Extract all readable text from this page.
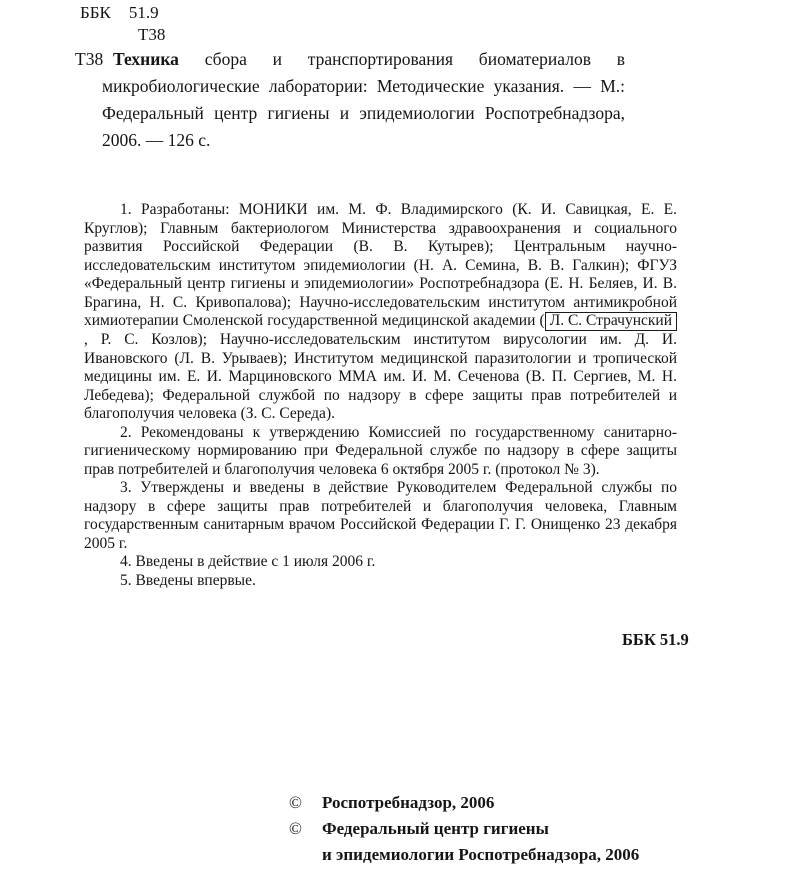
ББК 51.9
Т38
Т38 Техника сбора и транспортирования биоматериалов в микробиологические лаборатории: Методические указания. — М.: Федеральный центр гигиены и эпидемиологии Роспотребнадзора, 2006. — 126 с.

1. Разработаны: МОНИКИ им. М. Ф. Владимирского (К. И. Савицкая, Е. Е. Круглов); Главным бактериологом Министерства здравоохранения и социального развития Российской Федерации (В. В. Кутырев); Центральным научно-исследовательским институтом эпидемиологии (Н. А. Семина, В. В. Галкин); ФГУЗ «Федеральный центр гигиены и эпидемиологии» Роспотребнадзора (Е. Н. Беляев, И. В. Брагина, Н. С. Кривопалова); Научно-исследовательским институтом антимикробной химиотерапии Смоленской государственной медицинской академии ( Л. С. Страчунский, Р. С. Козлов); Научно-исследовательским институтом вирусологии им. Д. И. Ивановского (Л. В. Урываев); Институтом медицинской паразитологии и тропической медицины им. Е. И. Марциновского ММА им. И. М. Сеченова (В. П. Сергиев, М. Н. Лебедева); Федеральной службой по надзору в сфере защиты прав потребителей и благополучия человека (З. С. Середа).

2. Рекомендованы к утверждению Комиссией по государственному санитарно-гигиеническому нормированию при Федеральной службе по надзору в сфере защиты прав потребителей и благополучия человека 6 октября 2005 г. (протокол № 3).

3. Утверждены и введены в действие Руководителем Федеральной службы по надзору в сфере защиты прав потребителей и благополучия человека, Главным государственным санитарным врачом Российской Федерации Г. Г. Онищенко 23 декабря 2005 г.

4. Введены в действие с 1 июля 2006 г.

5. Введены впервые.

ББК 51.9
©	Роспотребнадзор, 2006
©	Федеральный центр гигиены
и эпидемиологии Роспотребнадзора, 2006
